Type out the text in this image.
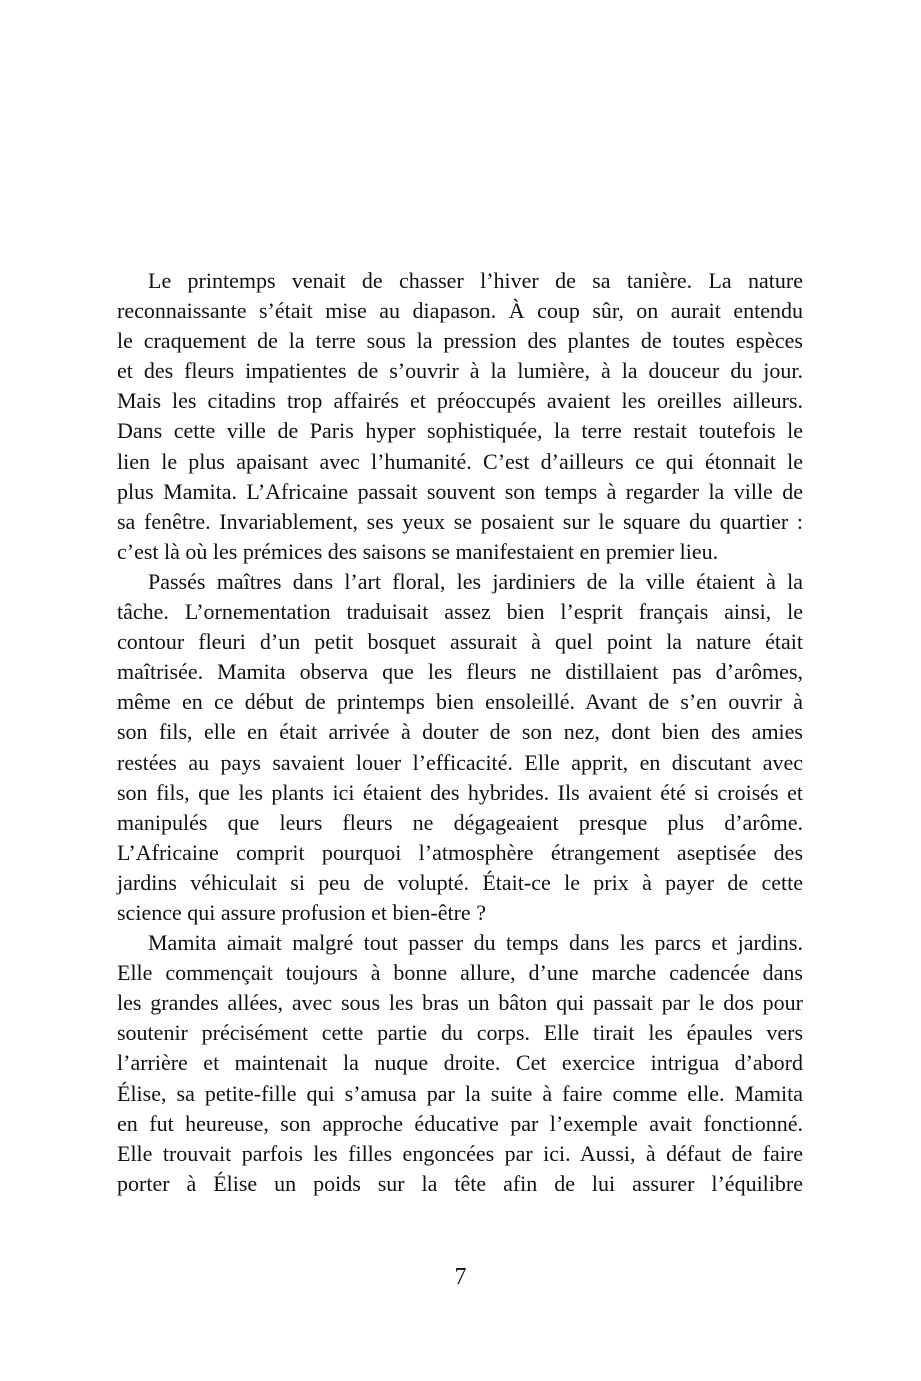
Le printemps venait de chasser l’hiver de sa tanière. La nature
reconnaissante s’était mise au diapason. À coup sûr, on aurait entendu
le craquement de la terre sous la pression des plantes de toutes espèces
et des fleurs impatientes de s’ouvrir à la lumière, à la douceur du jour.
Mais les citadins trop affairés et préoccupés avaient les oreilles ailleurs.
Dans cette ville de Paris hyper sophistiquée, la terre restait toutefois le
lien le plus apaisant avec l’humanité. C’est d’ailleurs ce qui étonnait le
plus Mamita. L’Africaine passait souvent son temps à regarder la ville de
sa fenêtre. Invariablement, ses yeux se posaient sur le square du quartier :
c’est là où les prémices des saisons se manifestaient en premier lieu.
Passés maîtres dans l’art floral, les jardiniers de la ville étaient à la
tâche. L’ornementation traduisait assez bien l’esprit français ainsi, le
contour fleuri d’un petit bosquet assurait à quel point la nature était
maîtrisée. Mamita observa que les fleurs ne distillaient pas d’arômes,
même en ce début de printemps bien ensoleillé. Avant de s’en ouvrir à
son fils, elle en était arrivée à douter de son nez, dont bien des amies
restées au pays savaient louer l’efficacité. Elle apprit, en discutant avec
son fils, que les plants ici étaient des hybrides. Ils avaient été si croisés et
manipulés que leurs fleurs ne dégageaient presque plus d’arôme.
L’Africaine comprit pourquoi l’atmosphère étrangement aseptisée des
jardins véhiculait si peu de volupté. Était-ce le prix à payer de cette
science qui assure profusion et bien-être ?
Mamita aimait malgré tout passer du temps dans les parcs et jardins.
Elle commençait toujours à bonne allure, d’une marche cadencée dans
les grandes allées, avec sous les bras un bâton qui passait par le dos pour
soutenir précisément cette partie du corps. Elle tirait les épaules vers
l’arrière et maintenait la nuque droite. Cet exercice intrigua d’abord
Élise, sa petite-fille qui s’amusa par la suite à faire comme elle. Mamita
en fut heureuse, son approche éducative par l’exemple avait fonctionné.
Elle trouvait parfois les filles engoncées par ici. Aussi, à défaut de faire
porter à Élise un poids sur la tête afin de lui assurer l’équilibre
7
